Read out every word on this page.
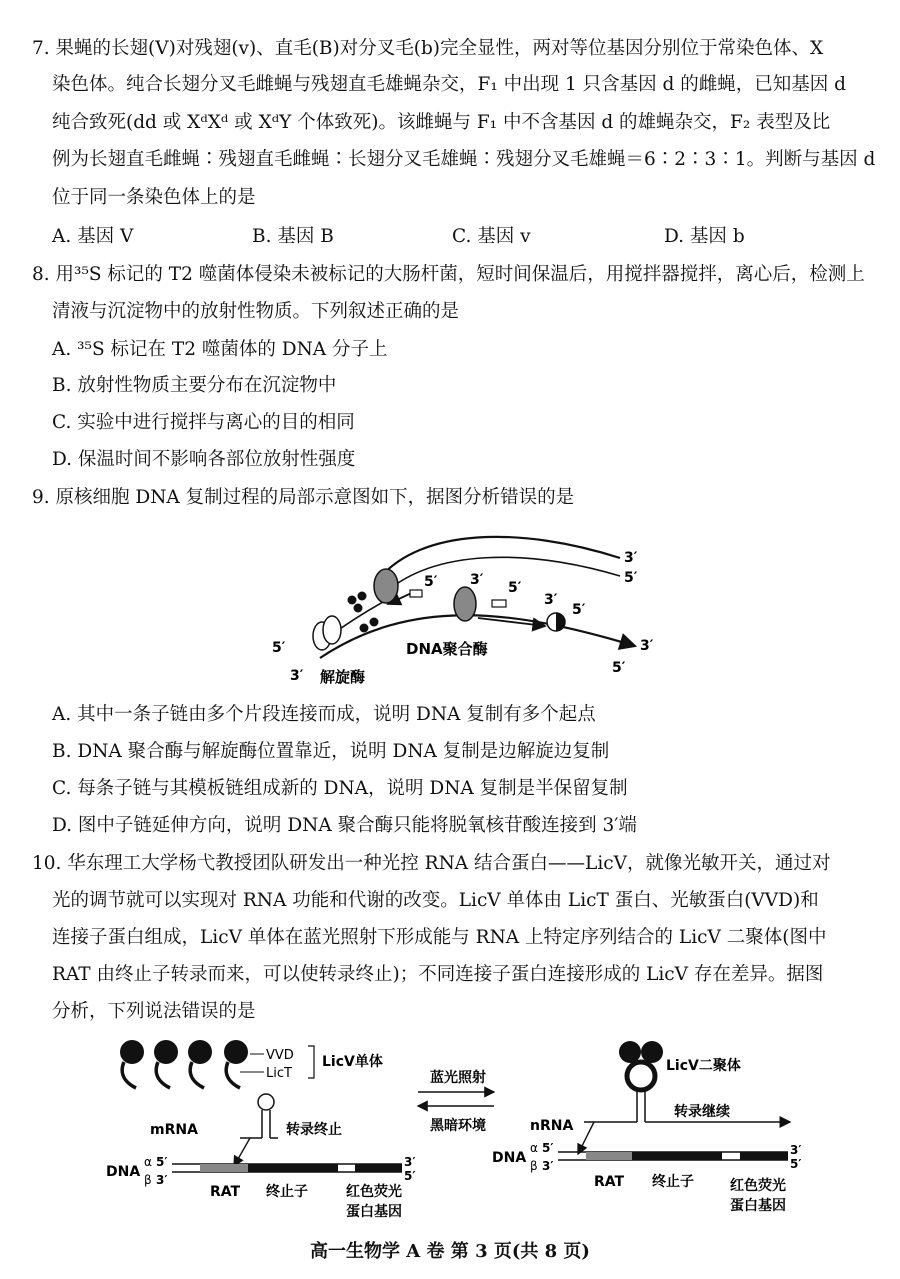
7. 果蝇的长翅(V)对残翅(v)、直毛(B)对分叉毛(b)完全显性，两对等位基因分别位于常染色体、X
染色体。纯合长翅分叉毛雌蝇与残翅直毛雄蝇杂交，F₁ 中出现 1 只含基因 d 的雌蝇，已知基因 d
纯合致死(dd 或 XᵈXᵈ 或 XᵈY 个体致死)。该雌蝇与 F₁ 中不含基因 d 的雄蝇杂交，F₂ 表型及比
例为长翅直毛雌蝇∶残翅直毛雌蝇∶长翅分叉毛雄蝇∶残翅分叉毛雄蝇＝6∶2∶3∶1。判断与基因 d
位于同一条染色体上的是
A. 基因 V	B. 基因 B	C. 基因 v	D. 基因 b
8. 用³⁵S 标记的 T2 噬菌体侵染未被标记的大肠杆菌，短时间保温后，用搅拌器搅拌，离心后，检测上
清液与沉淀物中的放射性物质。下列叙述正确的是
A. ³⁵S 标记在 T2 噬菌体的 DNA 分子上
B. 放射性物质主要分布在沉淀物中
C. 实验中进行搅拌与离心的目的相同
D. 保温时间不影响各部位放射性强度
9. 原核细胞 DNA 复制过程的局部示意图如下，据图分析错误的是
3′
5′
5′ 3′ 5′
3′
5′
3′
5′
5′
3′ 解旋酶
DNA聚合酶
A. 其中一条子链由多个片段连接而成，说明 DNA 复制有多个起点
B. DNA 聚合酶与解旋酶位置靠近，说明 DNA 复制是边解旋边复制
C. 每条子链与其模板链组成新的 DNA，说明 DNA 复制是半保留复制
D. 图中子链延伸方向，说明 DNA 聚合酶只能将脱氧核苷酸连接到 3′端
10. 华东理工大学杨弋教授团队研发出一种光控 RNA 结合蛋白——LicV，就像光敏开关，通过对
光的调节就可以实现对 RNA 功能和代谢的改变。LicV 单体由 LicT 蛋白、光敏蛋白(VVD)和
连接子蛋白组成，LicV 单体在蓝光照射下形成能与 RNA 上特定序列结合的 LicV 二聚体(图中
RAT 由终止子转录而来，可以使转录终止)；不同连接子蛋白连接形成的 LicV 存在差异。据图
分析，下列说法错误的是
VVD
LicT
LicV单体
mRNA	转录终止
DNA
α 5′
β 3′
3′
5′
RAT 终止子	红色荧光
蛋白基因
蓝光照射
黑暗环境
LicV二聚体
nRNA
转录继续
DNA
α 5′
β 3′
3′
5′
RAT 终止子	红色荧光
蛋白基因
高一生物学 A 卷 第 3 页(共 8 页)
